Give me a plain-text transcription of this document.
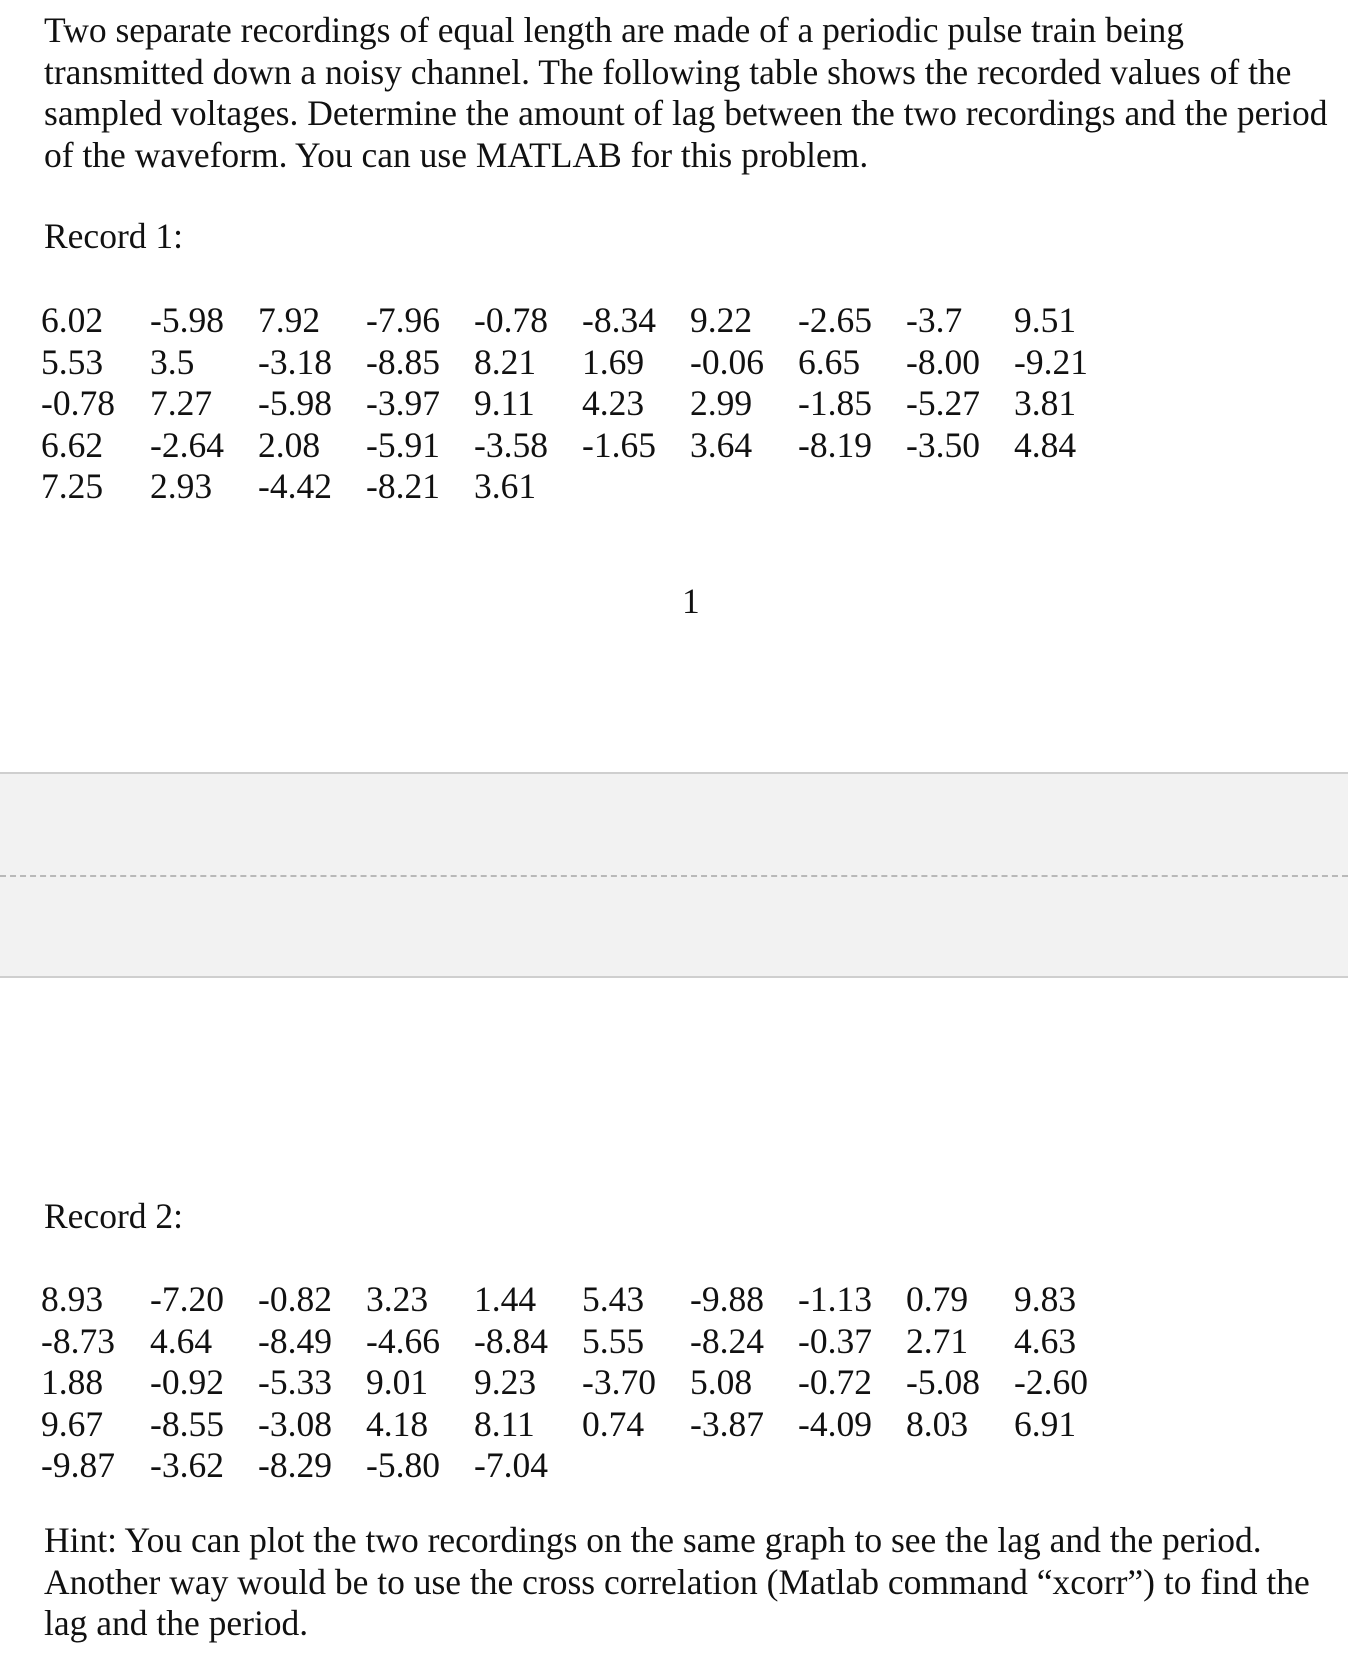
Two separate recordings of equal length are made of a periodic pulse train being transmitted down a noisy channel. The following table shows the recorded values of the sampled voltages. Determine the amount of lag between the two recordings and the period of the waveform. You can use MATLAB for this problem.

Record 1:

6.02	-5.98	7.92	-7.96	-0.78	-8.34	9.22	-2.65	-3.7	9.51
5.53	3.5	-3.18	-8.85	8.21	1.69	-0.06	6.65	-8.00	-9.21
-0.78	7.27	-5.98	-3.97	9.11	4.23	2.99	-1.85	-5.27	3.81
6.62	-2.64	2.08	-5.91	-3.58	-1.65	3.64	-8.19	-3.50	4.84
7.25	2.93	-4.42	-8.21	3.61					

1

Record 2:

8.93	-7.20	-0.82	3.23	1.44	5.43	-9.88	-1.13	0.79	9.83
-8.73	4.64	-8.49	-4.66	-8.84	5.55	-8.24	-0.37	2.71	4.63
1.88	-0.92	-5.33	9.01	9.23	-3.70	5.08	-0.72	-5.08	-2.60
9.67	-8.55	-3.08	4.18	8.11	0.74	-3.87	-4.09	8.03	6.91
-9.87	-3.62	-8.29	-5.80	-7.04					

Hint: You can plot the two recordings on the same graph to see the lag and the period. Another way would be to use the cross correlation (Matlab command “xcorr”) to find the lag and the period.
